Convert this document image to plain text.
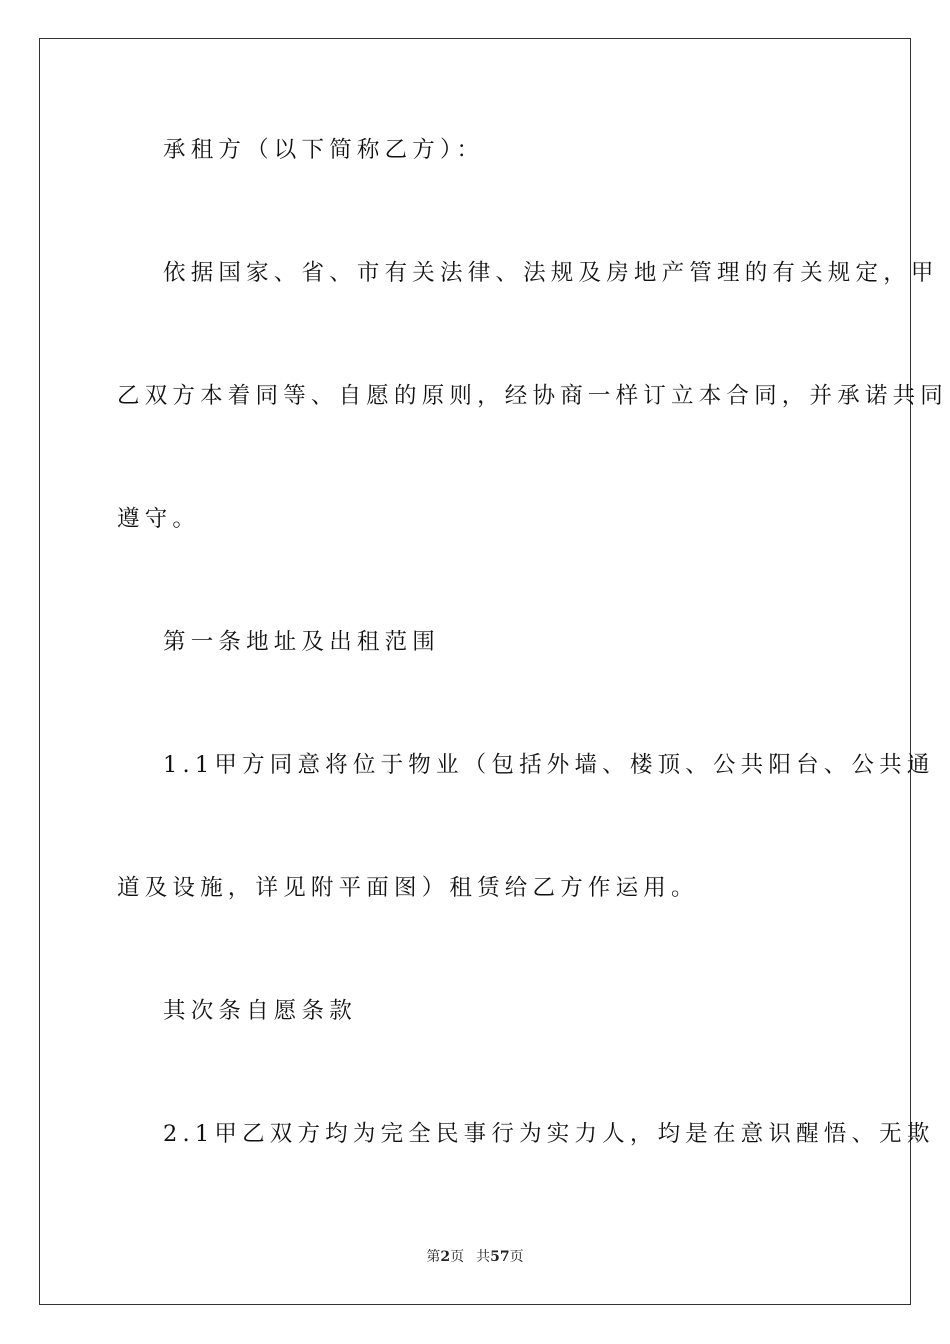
承租方（以下简称乙方）：
依据国家、省、市有关法律、法规及房地产管理的有关规定，甲
乙双方本着同等、自愿的原则，经协商一样订立本合同，并承诺共同
遵守。
第一条地址及出租范围
1.1甲方同意将位于物业（包括外墙、楼顶、公共阳台、公共通
道及设施，详见附平面图）租赁给乙方作运用。
其次条自愿条款
2.1甲乙双方均为完全民事行为实力人，均是在意识醒悟、无欺
第2页 共57页
